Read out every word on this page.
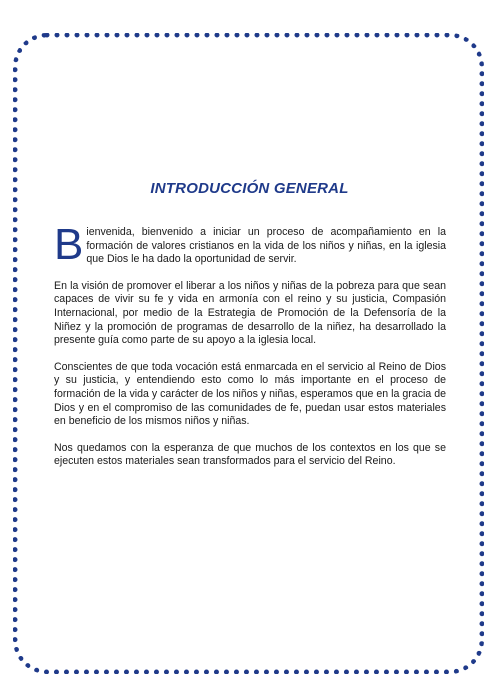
INTRODUCCIÓN GENERAL

Bienvenida, bienvenido a iniciar un proceso de acompañamiento en la formación de valores cristianos en la vida de los niños y niñas, en la iglesia que Dios le ha dado la oportunidad de servir.

En la visión de promover el liberar a los niños y niñas de la pobreza para que sean capaces de vivir su fe y vida en armonía con el reino y su justicia, Compasión Internacional, por medio de la Estrategia de Promoción de la Defensoría de la Niñez y la promoción de programas de desarrollo de la niñez, ha desarrollado la presente guía como parte de su apoyo a la iglesia local.

Conscientes de que toda vocación está enmarcada en el servicio al Reino de Dios y su justicia, y entendiendo esto como lo más importante en el proceso de formación de la vida y carácter de los niños y niñas, esperamos que en la gracia de Dios y en el compromiso de las comunidades de fe, puedan usar estos materiales en beneficio de los mismos niños y niñas.

Nos quedamos con la esperanza de que muchos de los contextos en los que se ejecuten estos materiales sean transformados para el servicio del Reino.
